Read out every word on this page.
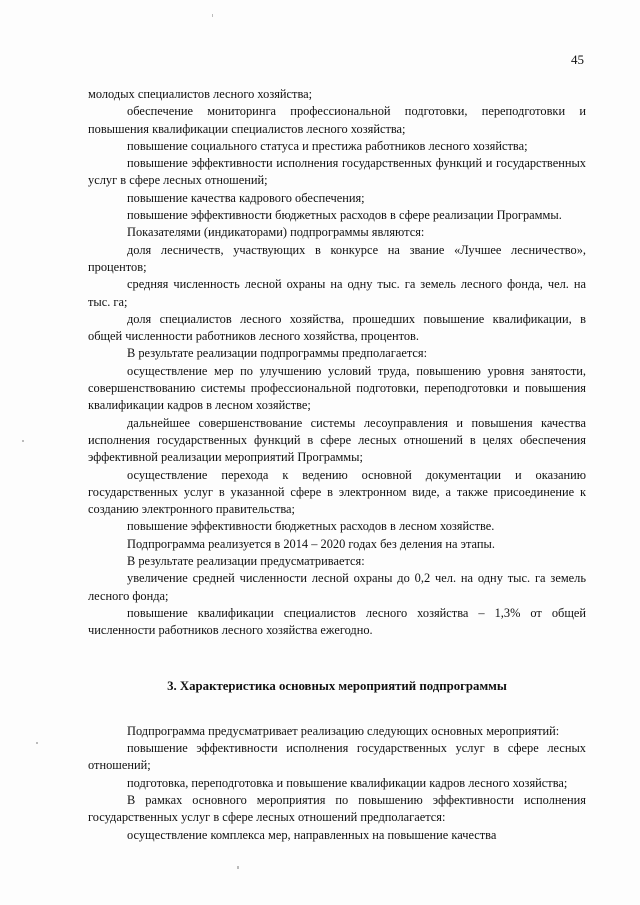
45

молодых специалистов лесного хозяйства;

обеспечение мониторинга профессиональной подготовки, переподготовки и повышения квалификации специалистов лесного хозяйства;

повышение социального статуса и престижа работников лесного хозяйства;

повышение эффективности исполнения государственных функций и государственных услуг в сфере лесных отношений;

повышение качества кадрового обеспечения;

повышение эффективности бюджетных расходов в сфере реализации Программы.

Показателями (индикаторами) подпрограммы являются:

доля лесничеств, участвующих в конкурсе на звание «Лучшее лесничество», процентов;

средняя численность лесной охраны на одну тыс. га земель лесного фонда, чел. на тыс. га;

доля специалистов лесного хозяйства, прошедших повышение квалификации, в общей численности работников лесного хозяйства, процентов.

В результате реализации подпрограммы предполагается:

осуществление мер по улучшению условий труда, повышению уровня занятости, совершенствованию системы профессиональной подготовки, переподготовки и повышения квалификации кадров в лесном хозяйстве;

дальнейшее совершенствование системы лесоуправления и повышения качества исполнения государственных функций в сфере лесных отношений в целях обеспечения эффективной реализации мероприятий Программы;

осуществление перехода к ведению основной документации и оказанию государственных услуг в указанной сфере в электронном виде, а также присоединение к созданию электронного правительства;

повышение эффективности бюджетных расходов в лесном хозяйстве.

Подпрограмма реализуется в 2014 – 2020 годах без деления на этапы.

В результате реализации предусматривается:

увеличение средней численности лесной охраны до 0,2 чел. на одну тыс. га земель лесного фонда;

повышение квалификации специалистов лесного хозяйства – 1,3% от общей численности работников лесного хозяйства ежегодно.

3. Характеристика основных мероприятий подпрограммы

Подпрограмма предусматривает реализацию следующих основных мероприятий:

повышение эффективности исполнения государственных услуг в сфере лесных отношений;

подготовка, переподготовка и повышение квалификации кадров лесного хозяйства;

В рамках основного мероприятия по повышению эффективности исполнения государственных услуг в сфере лесных отношений предполагается:

осуществление комплекса мер, направленных на повышение качества
